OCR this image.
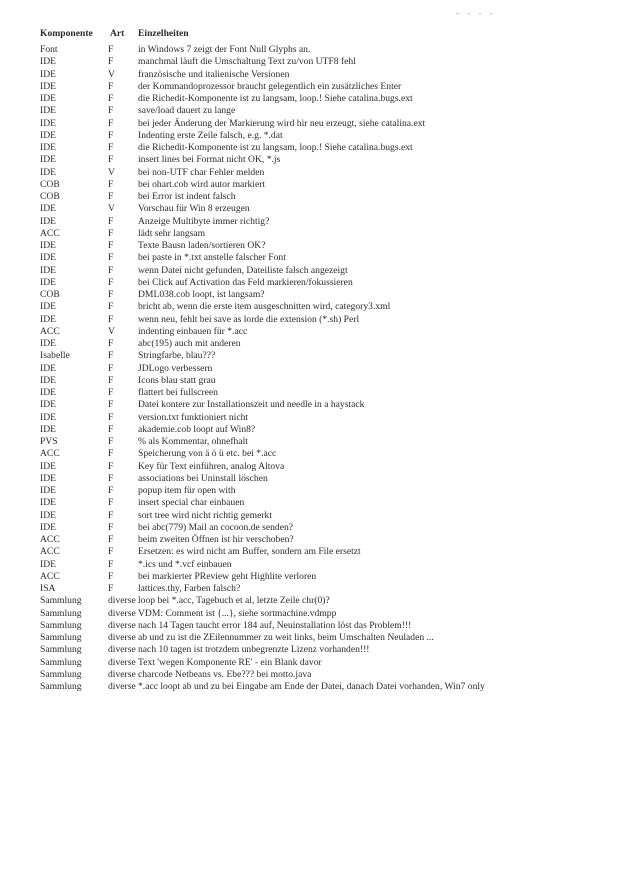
- - - -
Komponente	Art	Einzelheiten
Font	F	in Windows 7 zeigt der Font Null Glyphs an.
IDE	F	manchmal läuft die Umschaltung Text zu/von UTF8 fehl
IDE	V	französische und italienische Versionen
IDE	F	der Kommandoprozessor braucht gelegentlich ein zusätzliches Enter
IDE	F	die Richedit-Komponente ist zu langsam, loop.! Siehe catalina.bugs.ext
IDE	F	save/load dauert zu lange
IDE	F	bei jeder Änderung der Markierung wird hir neu erzeugt, siehe catalina.ext
IDE	F	Indenting erste Zeile falsch, e.g. *.dat
IDE	F	die Richedit-Komponente ist zu langsam, loop.! Siehe catalina.bugs.ext
IDE	F	insert lines bei Format nicht OK, *.js
IDE	V	bei non-UTF char Fehler melden
COB	F	bei ohart.cob wird autor markiert
COB	F	bei Error ist indent falsch
IDE	V	Vorschau für Win 8 erzeugen
IDE	F	Anzeige Multibyte immer richtig?
ACC	F	lädt sehr langsam
IDE	F	Texte Bausn laden/sortieren OK?
IDE	F	bei paste in *.txt anstelle falscher Font
IDE	F	wenn Datei nicht gefunden, Dateiliste falsch angezeigt
IDE	F	bei Click auf Activation das Feld markieren/fokussieren
COB	F	DML038.cob loopt, ist langsam?
IDE	F	bricht ab, wenn die erste item ausgeschnitten wird, category3.xml
IDE	F	wenn neu, fehlt bei save as lorde die extension (*.sh) Perl
ACC	V	indenting einbauen für *.acc
IDE	F	abc(195) auch mit anderen
Isabelle	F	Stringfarbe, blau???
IDE	F	JDLogo verbessern
IDE	F	Icons blau statt grau
IDE	F	flattert bei fullscreen
IDE	F	Datei kontere zur Installationszeit und needle in a haystack
IDE	F	version.txt funktioniert nicht
IDE	F	akademie.cob loopt auf Win8?
PVS	F	% als Kommentar, ohnefhalt
ACC	F	Speicherung von ä ö ü etc. bei *.acc
IDE	F	Key für Text einführen, analog Altova
IDE	F	associations bei Uninstall löschen
IDE	F	popup item für open with
IDE	F	insert special char einbauen
IDE	F	sort tree wird nicht richtig gemerkt
IDE	F	bei abc(779) Mail an cocoon.de senden?
ACC	F	beim zweiten Öffnen ist hir verschoben?
ACC	F	Ersetzen: es wird nicht am Buffer, sondern am File ersetzt
IDE	F	*.ics und *.vcf einbauen
ACC	F	bei markierter PReview geht Highlite verloren
ISA	F	lattices.thy, Farben falsch?
Sammlung	diverse	loop bei *.acc, Tagebuch et al, letzte Zeile chr(0)?
Sammlung	diverse	VDM: Comment ist {...}, siehe sortmachine.vdmpp
Sammlung	diverse	nach 14 Tagen taucht error 184 auf, Neuinstallation löst das Problem!!!
Sammlung	diverse	ab und zu ist die ZEilennummer zu weit links, beim Umschalten Neuladen ...
Sammlung	diverse	nach 10 tagen ist trotzdem unbegrenzte Lizenz vorhanden!!!
Sammlung	diverse	Text 'wegen Komponente RE' - ein Blank davor
Sammlung	diverse	charcode Netbeans vs. Ebe??? bei motto.java
Sammlung	diverse	*.acc loopt ab und zu bei Eingabe am Ende der Datei, danach Datei vorhanden, Win7 only
